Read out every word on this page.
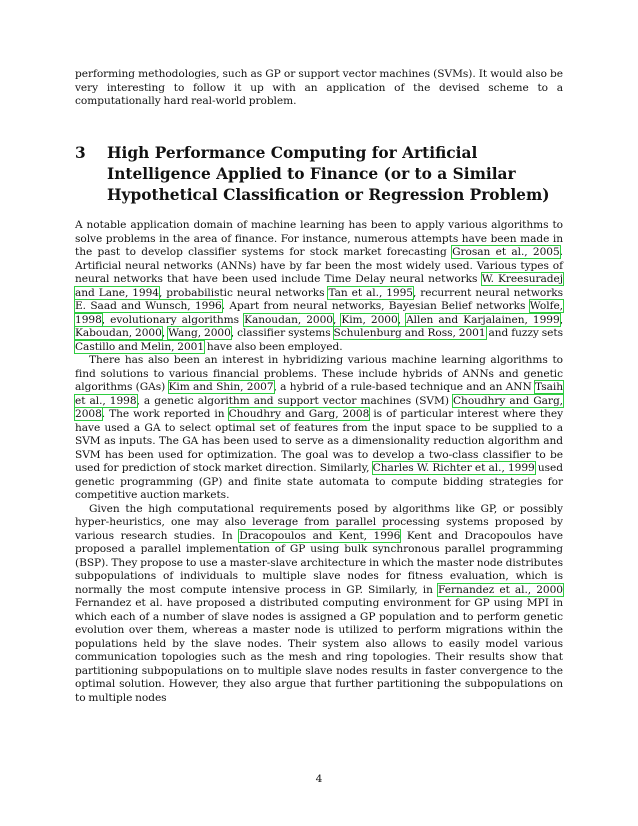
performing methodologies, such as GP or support vector machines (SVMs). It would also be very interesting to follow it up with an application of the devised scheme to a computationally hard real-world problem.

3 High Performance Computing for Artificial Intelligence Applied to Finance (or to a Similar Hypothetical Classification or Regression Problem)

A notable application domain of machine learning has been to apply various algorithms to solve problems in the area of finance. For instance, numerous attempts have been made in the past to develop classifier systems for stock market forecasting Grosan et al., 2005. Artificial neural networks (ANNs) have by far been the most widely used. Various types of neural networks that have been used include Time Delay neural networks W. Kreesuradej and Lane, 1994, probabilistic neural networks Tan et al., 1995, recurrent neural networks E. Saad and Wunsch, 1996. Apart from neural networks, Bayesian Belief networks Wolfe, 1998, evolutionary algorithms Kanoudan, 2000, Kim, 2000, Allen and Karjalainen, 1999, Kaboudan, 2000, Wang, 2000, classifier systems Schulenburg and Ross, 2001 and fuzzy sets Castillo and Melin, 2001 have also been employed.

There has also been an interest in hybridizing various machine learning algorithms to find solutions to various financial problems. These include hybrids of ANNs and genetic algorithms (GAs) Kim and Shin, 2007, a hybrid of a rule-based technique and an ANN Tsaih et al., 1998, a genetic algorithm and support vector machines (SVM) Choudhry and Garg, 2008. The work reported in Choudhry and Garg, 2008 is of particular interest where they have used a GA to select optimal set of features from the input space to be supplied to a SVM as inputs. The GA has been used to serve as a dimensionality reduction algorithm and SVM has been used for optimization. The goal was to develop a two-class classifier to be used for prediction of stock market direction. Similarly, Charles W. Richter et al., 1999 used genetic programming (GP) and finite state automata to compute bidding strategies for competitive auction markets.

Given the high computational requirements posed by algorithms like GP, or possibly hyper-heuristics, one may also leverage from parallel processing systems proposed by various research studies. In Dracopoulos and Kent, 1996 Kent and Dracopoulos have proposed a parallel implementation of GP using bulk synchronous parallel programming (BSP). They propose to use a master-slave architecture in which the master node distributes subpopulations of individuals to multiple slave nodes for fitness evaluation, which is normally the most compute intensive process in GP. Similarly, in Fernandez et al., 2000 Fernandez et al. have proposed a distributed computing environment for GP using MPI in which each of a number of slave nodes is assigned a GP population and to perform genetic evolution over them, whereas a master node is utilized to perform migrations within the populations held by the slave nodes. Their system also allows to easily model various communication topologies such as the mesh and ring topologies. Their results show that partitioning subpopulations on to multiple slave nodes results in faster convergence to the optimal solution. However, they also argue that further partitioning the subpopulations on to multiple nodes

4
